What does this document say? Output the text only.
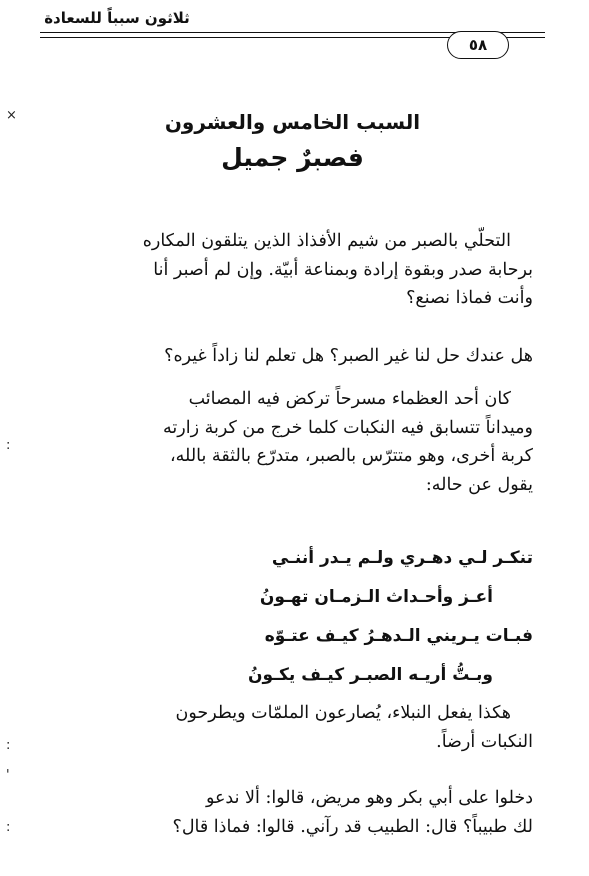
ثلاثون سبباً للسعادة
٥٨
السبب الخامس والعشرون
فصبرٌ جميل
التحلّي بالصبر من شيم الأفذاذ الذين يتلقون المكاره
برحابة صدر وبقوة إرادة وبمناعة أبيّة. وإن لم أصبر أنا
وأنت فماذا نصنع؟
هل عندك حل لنا غير الصبر؟ هل تعلم لنا زاداً غيره؟
كان أحد العظماء مسرحاً تركض فيه المصائب
وميداناً تتسابق فيه النكبات كلما خرج من كربة زارته
كربة أخرى، وهو متترّس بالصبر، متدرّع بالثقة بالله،
يقول عن حاله:
تنكـر لـي دهـري ولـم يـدر أننـي
أعـز وأحـداث الـزمـان تهـونُ
فبـات يـريني الـدهـرُ كيـف عتـوّه
وبـتُّ أريـه الصبـر كيـف يكـونُ
هكذا يفعل النبلاء، يُصارعون الملمّات ويطرحون
النكبات أرضاً.
دخلوا على أبي بكر وهو مريض، قالوا: ألا ندعو
لك طبيباً؟ قال: الطبيب قد رآني. قالوا: فماذا قال؟
×
:
:
'
:
